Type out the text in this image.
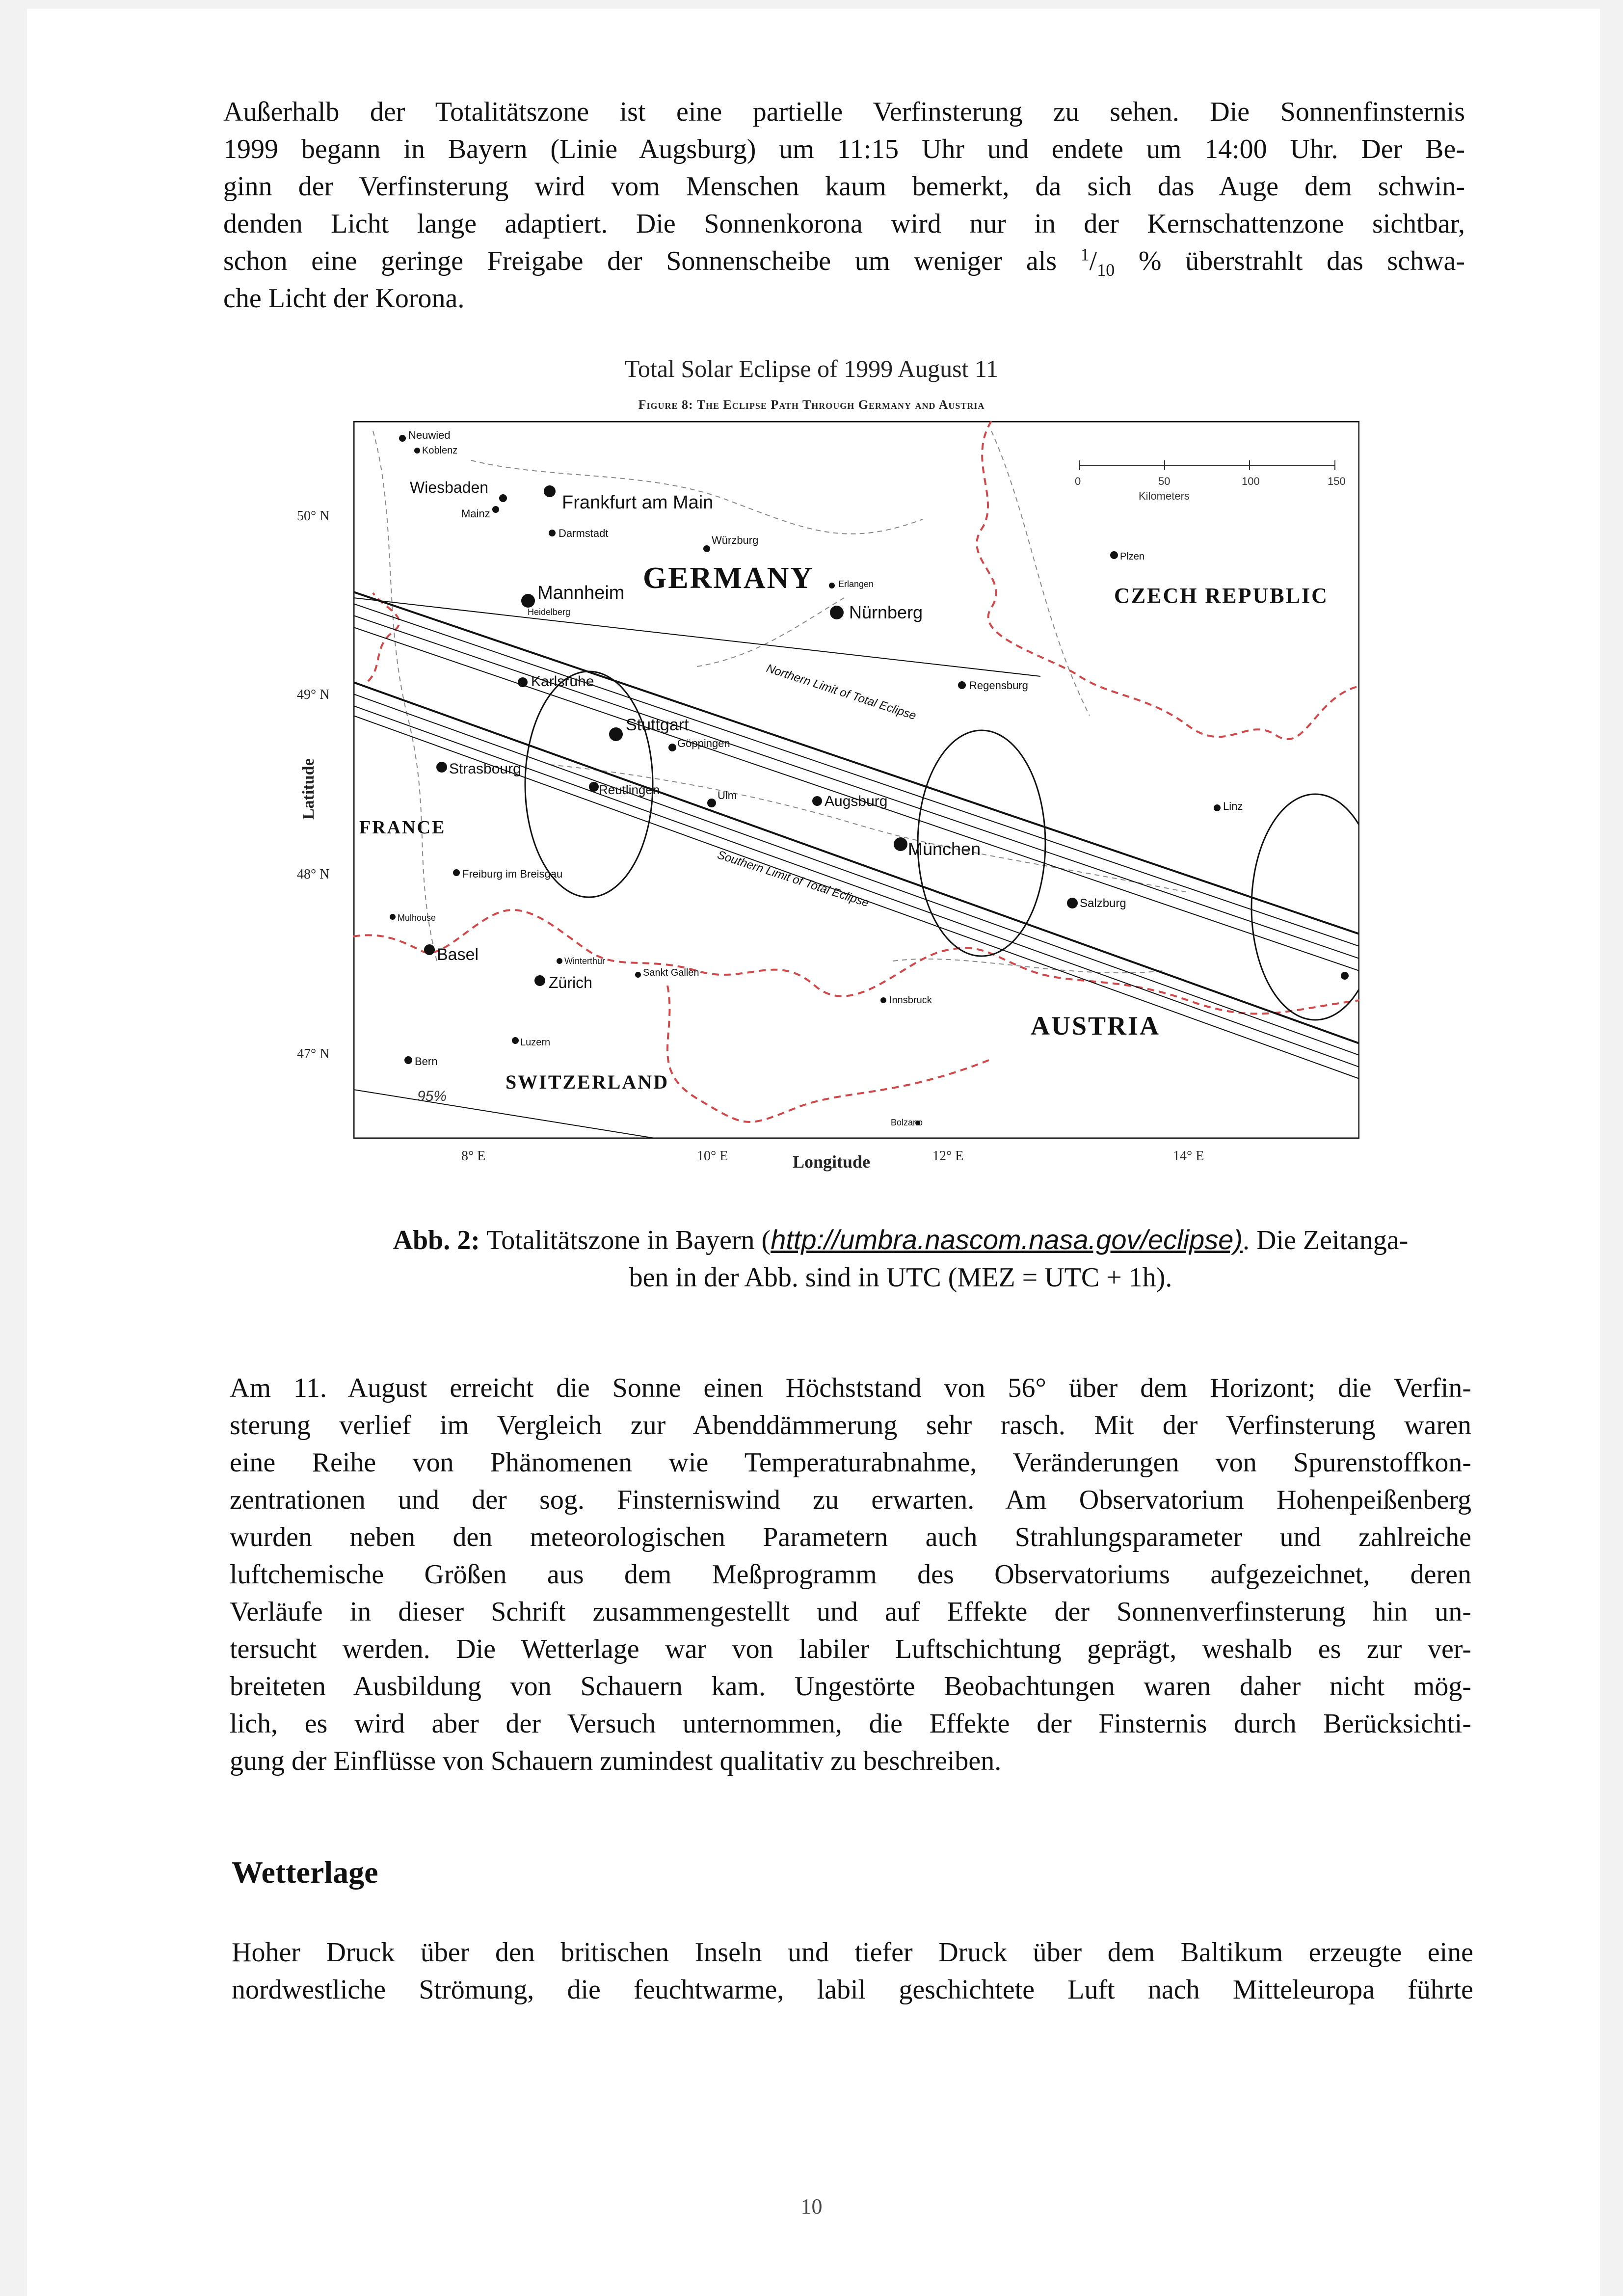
Außerhalb der Totalitätszone ist eine partielle Verfinsterung zu sehen. Die Sonnenfinsternis
1999 begann in Bayern (Linie Augsburg) um 11:15 Uhr und endete um 14:00 Uhr. Der Be-
ginn der Verfinsterung wird vom Menschen kaum bemerkt, da sich das Auge dem schwin-
denden Licht lange adaptiert. Die Sonnenkorona wird nur in der Kernschattenzone sichtbar,
schon eine geringe Freigabe der Sonnenscheibe um weniger als $^1/_{10}$ % überstrahlt das schwa-
che Licht der Korona.
Total Solar Eclipse of 1999 August 11
Figure 8: The Eclipse Path Through Germany and Austria
50° N
49° N
48° N
47° N
Latitude
0	50	100	150
Kilometers
GERMANY
CZECH REPUBLIC
FRANCE
AUSTRIA
SWITZERLAND
Northern Limit of Total Eclipse
Southern Limit of Total Eclipse
95%
Neuwied
Koblenz
Wiesbaden
Mainz
Frankfurt am Main
Darmstadt
Würzburg
Mannheim
Heidelberg
Karlsruhe
Stuttgart
Göppingen
Reutlingen	Ulm
Strasbourg
Freiburg im Breisgau
Mulhouse
Basel
Zürich
Winterthur
Sankt Gallen
Luzern
Bern
Augsburg
München
Nürnberg
Erlangen
Regensburg
Salzburg
Linz
Innsbruck
Plzen
Bolzano
8° E	10° E	12° E	14° E
Longitude
Abb. 2: Totalitätszone in Bayern (http://umbra.nascom.nasa.gov/eclipse). Die Zeitanga-
ben in der Abb. sind in UTC (MEZ = UTC + 1h).
Am 11. August erreicht die Sonne einen Höchststand von 56° über dem Horizont; die Verfin-
sterung verlief im Vergleich zur Abenddämmerung sehr rasch. Mit der Verfinsterung waren
eine Reihe von Phänomenen wie Temperaturabnahme, Veränderungen von Spurenstoffkon-
zentrationen und der sog. Finsterniswind zu erwarten. Am Observatorium Hohenpeißenberg
wurden neben den meteorologischen Parametern auch Strahlungsparameter und zahlreiche
luftchemische Größen aus dem Meßprogramm des Observatoriums aufgezeichnet, deren
Verläufe in dieser Schrift zusammengestellt und auf Effekte der Sonnenverfinsterung hin un-
tersucht werden. Die Wetterlage war von labiler Luftschichtung geprägt, weshalb es zur ver-
breiteten Ausbildung von Schauern kam. Ungestörte Beobachtungen waren daher nicht mög-
lich, es wird aber der Versuch unternommen, die Effekte der Finsternis durch Berücksichti-
gung der Einflüsse von Schauern zumindest qualitativ zu beschreiben.
Wetterlage
Hoher Druck über den britischen Inseln und tiefer Druck über dem Baltikum erzeugte eine
nordwestliche Strömung, die feuchtwarme, labil geschichtete Luft nach Mitteleuropa führte
10
